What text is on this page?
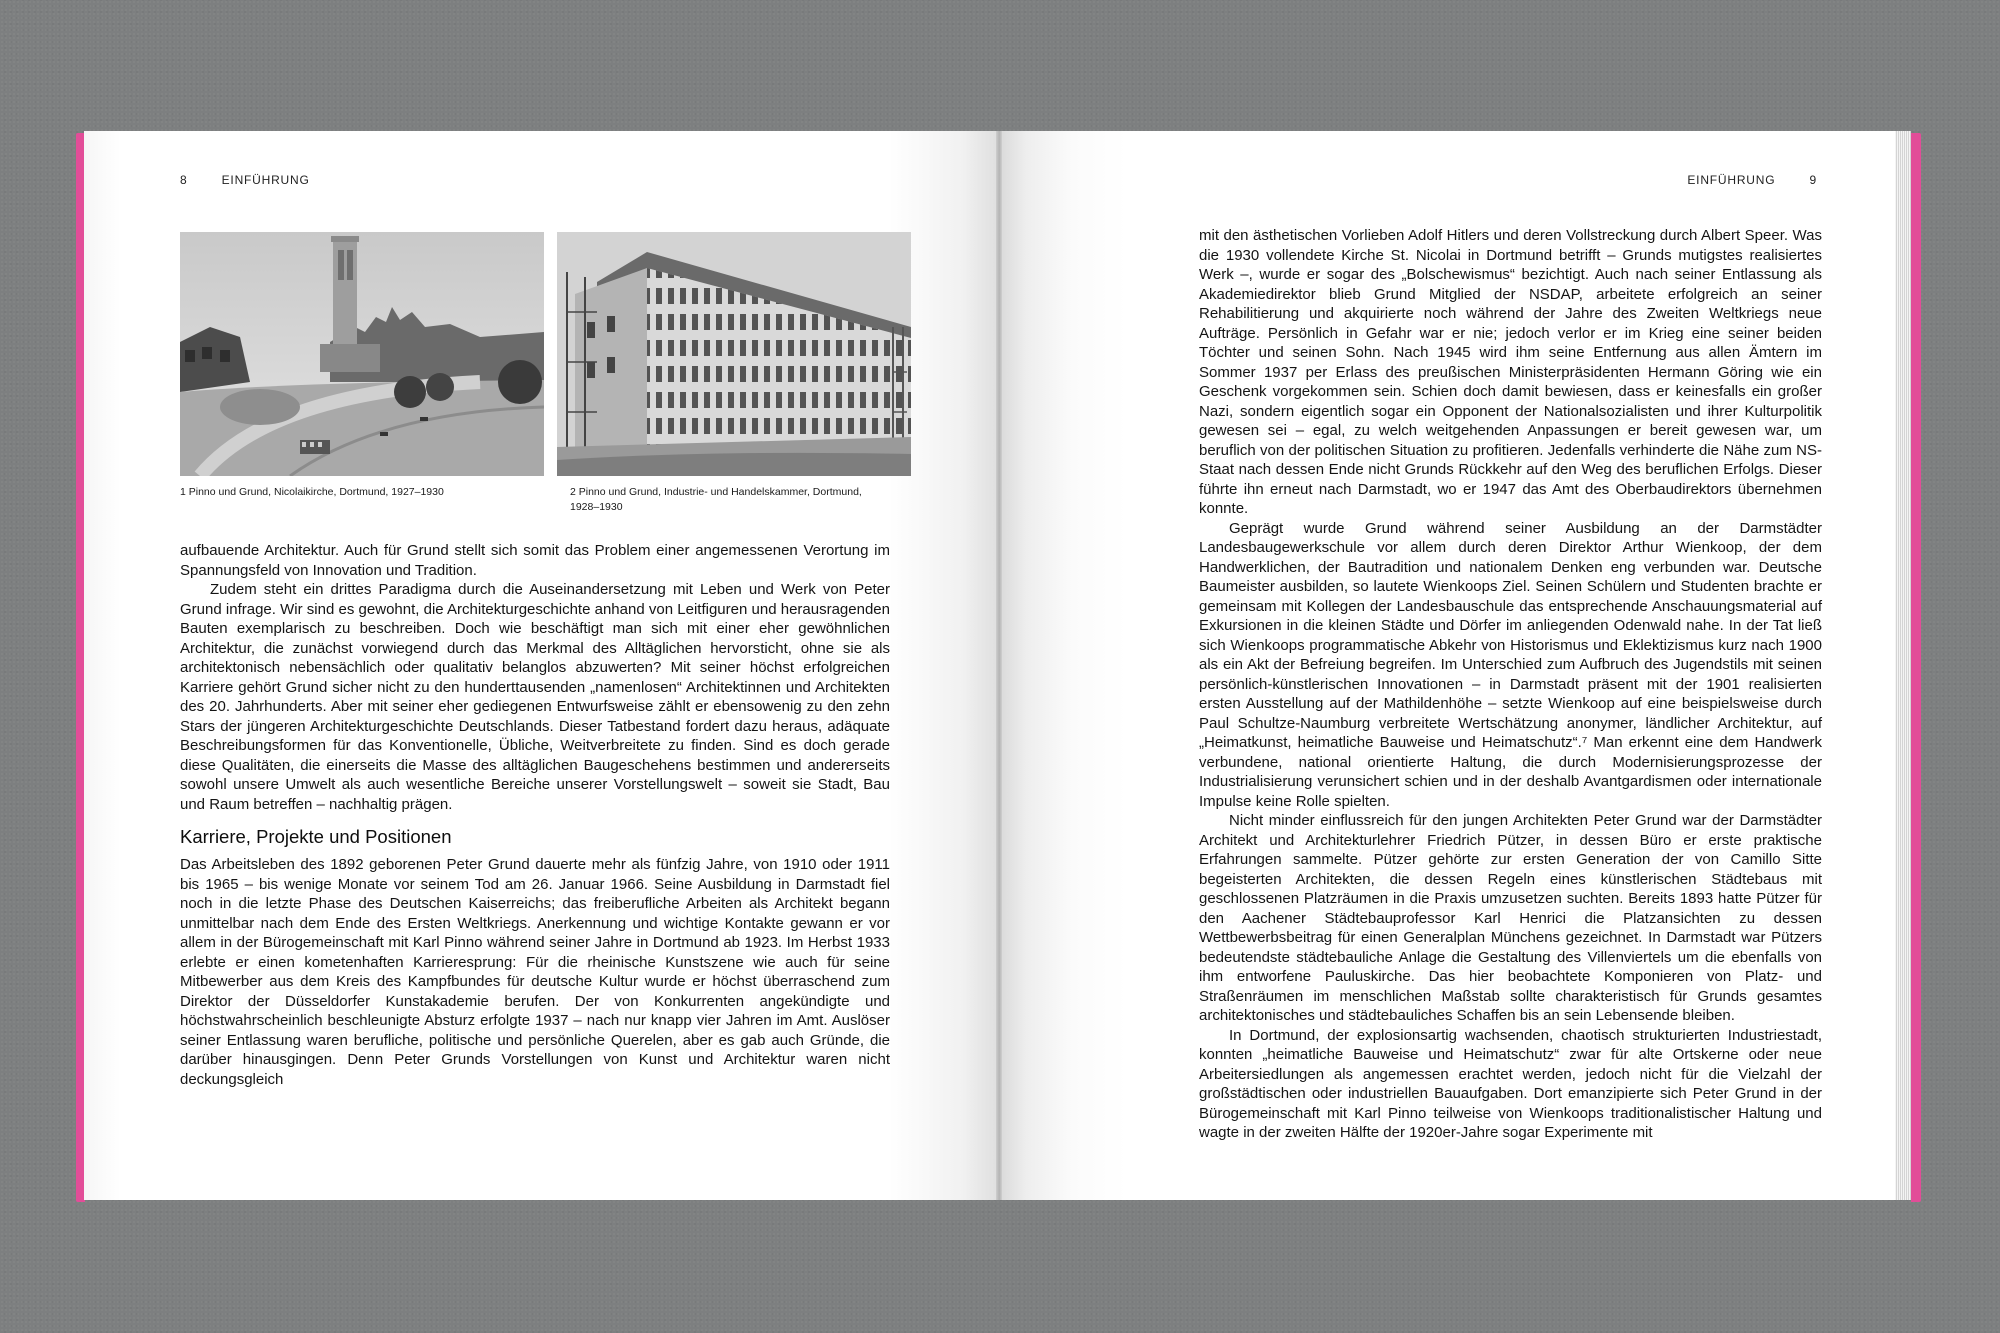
8	EINFÜHRUNG
1 Pinno und Grund, Nicolaikirche, Dortmund, 1927–1930	2 Pinno und Grund, Industrie- und Handelskammer, Dortmund, 1928–1930

aufbauende Architektur. Auch für Grund stellt sich somit das Problem einer angemessenen Verortung im Spannungsfeld von Innovation und Tradition.

Zudem steht ein drittes Paradigma durch die Auseinandersetzung mit Leben und Werk von Peter Grund infrage. Wir sind es gewohnt, die Architekturgeschichte anhand von Leitfiguren und herausragenden Bauten exemplarisch zu beschreiben. Doch wie beschäftigt man sich mit einer eher gewöhnlichen Architektur, die zunächst vorwiegend durch das Merkmal des Alltäglichen hervorsticht, ohne sie als architektonisch nebensächlich oder qualitativ belanglos abzuwerten? Mit seiner höchst erfolgreichen Karriere gehört Grund sicher nicht zu den hunderttausenden „namenlosen“ Architektinnen und Architekten des 20. Jahrhunderts. Aber mit seiner eher gediegenen Entwurfsweise zählt er ebensowenig zu den zehn Stars der jüngeren Architekturgeschichte Deutschlands. Dieser Tatbestand fordert dazu heraus, adäquate Beschreibungsformen für das Konventionelle, Übliche, Weitverbreitete zu finden. Sind es doch gerade diese Qualitäten, die einerseits die Masse des alltäglichen Baugeschehens bestimmen und andererseits sowohl unsere Umwelt als auch wesentliche Bereiche unserer Vorstellungswelt – soweit sie Stadt, Bau und Raum betreffen – nachhaltig prägen.

Karriere, Projekte und Positionen

Das Arbeitsleben des 1892 geborenen Peter Grund dauerte mehr als fünfzig Jahre, von 1910 oder 1911 bis 1965 – bis wenige Monate vor seinem Tod am 26. Januar 1966. Seine Ausbildung in Darmstadt fiel noch in die letzte Phase des Deutschen Kaiserreichs; das freiberufliche Arbeiten als Architekt begann unmittelbar nach dem Ende des Ersten Weltkriegs. Anerkennung und wichtige Kontakte gewann er vor allem in der Bürogemeinschaft mit Karl Pinno während seiner Jahre in Dortmund ab 1923. Im Herbst 1933 erlebte er einen kometenhaften Karrieresprung: Für die rheinische Kunstszene wie auch für seine Mitbewerber aus dem Kreis des Kampfbundes für deutsche Kultur wurde er höchst überraschend zum Direktor der Düsseldorfer Kunstakademie berufen. Der von Konkurrenten angekündigte und höchstwahrscheinlich beschleunigte Absturz erfolgte 1937 – nach nur knapp vier Jahren im Amt. Auslöser seiner Entlassung waren berufliche, politische und persönliche Querelen, aber es gab auch Gründe, die darüber hinausgingen. Denn Peter Grunds Vorstellungen von Kunst und Architektur waren nicht deckungsgleich

EINFÜHRUNG	9

mit den ästhetischen Vorlieben Adolf Hitlers und deren Vollstreckung durch Albert Speer. Was die 1930 vollendete Kirche St. Nicolai in Dortmund betrifft – Grunds mutigstes realisiertes Werk –, wurde er sogar des „Bolschewismus“ bezichtigt. Auch nach seiner Entlassung als Akademiedirektor blieb Grund Mitglied der NSDAP, arbeitete erfolgreich an seiner Rehabilitierung und akquirierte noch während der Jahre des Zweiten Weltkriegs neue Aufträge. Persönlich in Gefahr war er nie; jedoch verlor er im Krieg eine seiner beiden Töchter und seinen Sohn. Nach 1945 wird ihm seine Entfernung aus allen Ämtern im Sommer 1937 per Erlass des preußischen Ministerpräsidenten Hermann Göring wie ein Geschenk vorgekommen sein. Schien doch damit bewiesen, dass er keinesfalls ein großer Nazi, sondern eigentlich sogar ein Opponent der Nationalsozialisten und ihrer Kulturpolitik gewesen sei – egal, zu welch weitgehenden Anpassungen er bereit gewesen war, um beruflich von der politischen Situation zu profitieren. Jedenfalls verhinderte die Nähe zum NS-Staat nach dessen Ende nicht Grunds Rückkehr auf den Weg des beruflichen Erfolgs. Dieser führte ihn erneut nach Darmstadt, wo er 1947 das Amt des Oberbaudirektors übernehmen konnte.

Geprägt wurde Grund während seiner Ausbildung an der Darmstädter Landesbaugewerkschule vor allem durch deren Direktor Arthur Wienkoop, der dem Handwerklichen, der Bautradition und nationalem Denken eng verbunden war. Deutsche Baumeister ausbilden, so lautete Wienkoops Ziel. Seinen Schülern und Studenten brachte er gemeinsam mit Kollegen der Landesbauschule das entsprechende Anschauungsmaterial auf Exkursionen in die kleinen Städte und Dörfer im anliegenden Odenwald nahe. In der Tat ließ sich Wienkoops programmatische Abkehr von Historismus und Eklektizismus kurz nach 1900 als ein Akt der Befreiung begreifen. Im Unterschied zum Aufbruch des Jugendstils mit seinen persönlich-künstlerischen Innovationen – in Darmstadt präsent mit der 1901 realisierten ersten Ausstellung auf der Mathildenhöhe – setzte Wienkoop auf eine beispielsweise durch Paul Schultze-Naumburg verbreitete Wertschätzung anonymer, ländlicher Architektur, auf „Heimatkunst, heimatliche Bauweise und Heimatschutz“.⁷ Man erkennt eine dem Handwerk verbundene, national orientierte Haltung, die durch Modernisierungsprozesse der Industrialisierung verunsichert schien und in der deshalb Avantgardismen oder internationale Impulse keine Rolle spielten.

Nicht minder einflussreich für den jungen Architekten Peter Grund war der Darmstädter Architekt und Architekturlehrer Friedrich Pützer, in dessen Büro er erste praktische Erfahrungen sammelte. Pützer gehörte zur ersten Generation der von Camillo Sitte begeisterten Architekten, die dessen Regeln eines künstlerischen Städtebaus mit geschlossenen Platzräumen in die Praxis umzusetzen suchten. Bereits 1893 hatte Pützer für den Aachener Städtebauprofessor Karl Henrici die Platzansichten zu dessen Wettbewerbsbeitrag für einen Generalplan Münchens gezeichnet. In Darmstadt war Pützers bedeutendste städtebauliche Anlage die Gestaltung des Villenviertels um die ebenfalls von ihm entworfene Pauluskirche. Das hier beobachtete Komponieren von Platz- und Straßenräumen im menschlichen Maßstab sollte charakteristisch für Grunds gesamtes architektonisches und städtebauliches Schaffen bis an sein Lebensende bleiben.

In Dortmund, der explosionsartig wachsenden, chaotisch strukturierten Industriestadt, konnten „heimatliche Bauweise und Heimatschutz“ zwar für alte Ortskerne oder neue Arbeitersiedlungen als angemessen erachtet werden, jedoch nicht für die Vielzahl der großstädtischen oder industriellen Bauaufgaben. Dort emanzipierte sich Peter Grund in der Bürogemeinschaft mit Karl Pinno teilweise von Wienkoops traditionalistischer Haltung und wagte in der zweiten Hälfte der 1920er-Jahre sogar Experimente mit
